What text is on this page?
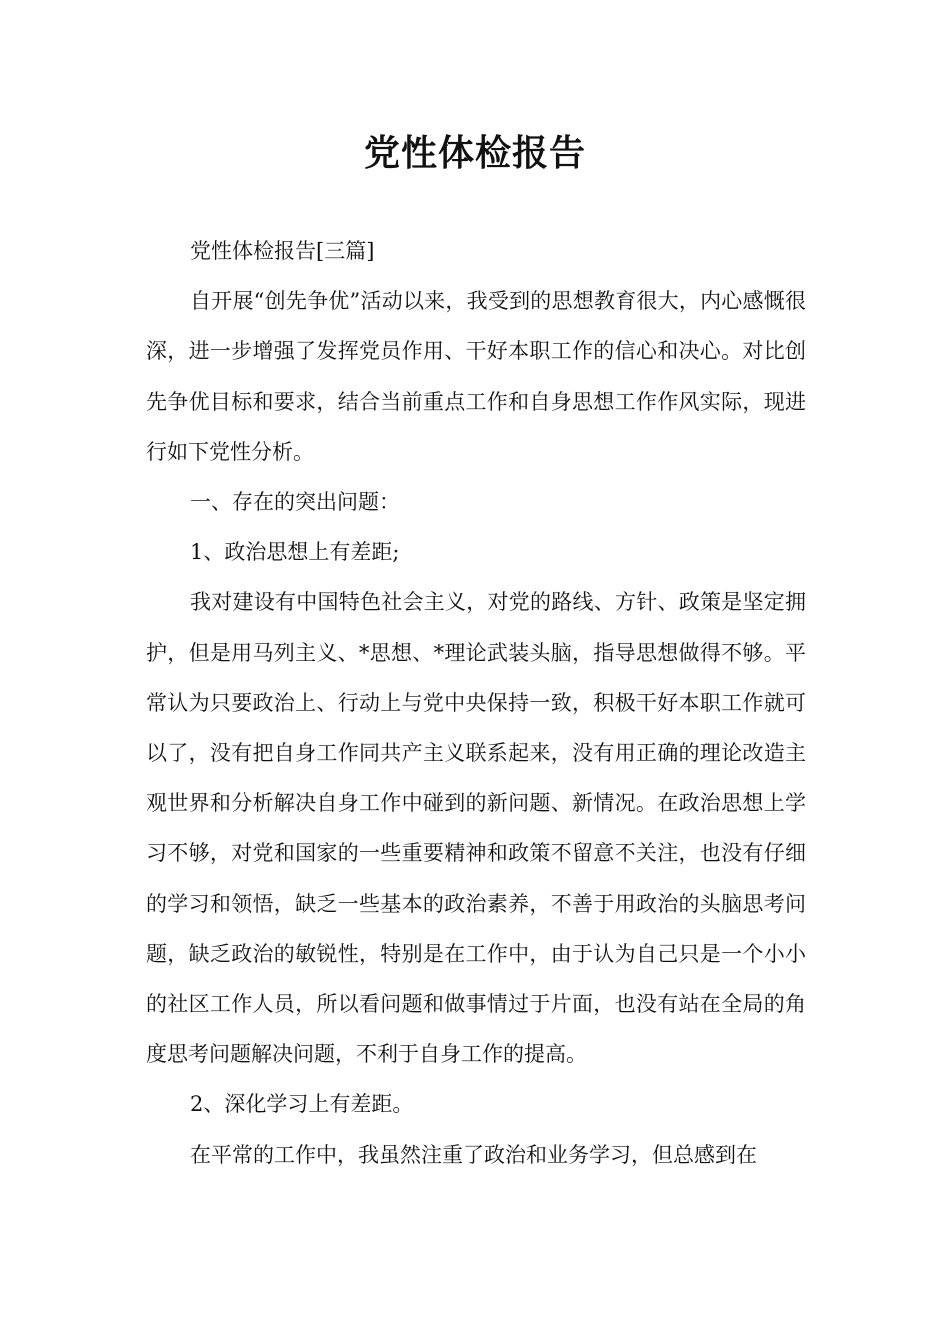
党性体检报告

党性体检报告[三篇]

自开展“创先争优”活动以来，我受到的思想教育很大，内心感慨很深，进一步增强了发挥党员作用、干好本职工作的信心和决心。对比创先争优目标和要求，结合当前重点工作和自身思想工作作风实际，现进行如下党性分析。

一、存在的突出问题：

1、政治思想上有差距;

我对建设有中国特色社会主义，对党的路线、方针、政策是坚定拥护，但是用马列主义、*思想、*理论武装头脑，指导思想做得不够。平常认为只要政治上、行动上与党中央保持一致，积极干好本职工作就可以了，没有把自身工作同共产主义联系起来，没有用正确的理论改造主观世界和分析解决自身工作中碰到的新问题、新情况。在政治思想上学习不够，对党和国家的一些重要精神和政策不留意不关注，也没有仔细的学习和领悟，缺乏一些基本的政治素养，不善于用政治的头脑思考问题，缺乏政治的敏锐性，特别是在工作中，由于认为自己只是一个小小的社区工作人员，所以看问题和做事情过于片面，也没有站在全局的角度思考问题解决问题，不利于自身工作的提高。

2、深化学习上有差距。

在平常的工作中，我虽然注重了政治和业务学习，但总感到在
